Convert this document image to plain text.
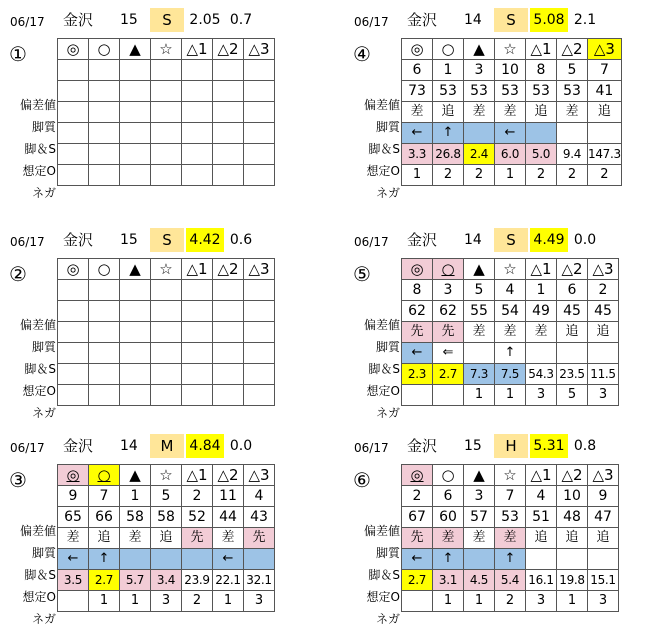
06/17 金沢 15	S	2.05 0.7
①
偏差値
脚質
脚＆S
想定O
ネガ
◎	○	▲	☆	△1	△2	△3

06/17 金沢 14	S	5.08 2.1
④
偏差値
脚質
脚＆S
想定O
ネガ
◎	○	▲	☆	△1	△2	△3
6	1	3	10	8	5	7
73	53	53	53	53	53	41
差	追	差	差	追	差	追
←	↑		←			
3.3	26.8	2.4	6.0	5.0	9.4	147.3
1	2	2	1	2	2	2
06/17 金沢 15	S	4.42 0.6
②
偏差値
脚質
脚＆S
想定O
ネガ
◎	○	▲	☆	△1	△2	△3

06/17 金沢 14	S	4.49 0.0
⑤
偏差値
脚質
脚＆S
想定O
ネガ
◎	○	▲	☆	△1	△2	△3
8	3	5	4	1	6	2
62	62	55	54	49	45	45
先	先	差	差	差	追	追
←	⇐		↑			
2.3	2.7	7.3	7.5	54.3	23.5	11.5
		1	1	3	5	3
06/17 金沢 14	M	4.84 0.0
③
偏差値
脚質
脚＆S
想定O
ネガ
◎	○	▲	☆	△1	△2	△3
9	7	1	5	2	11	4
65	66	58	58	52	44	43
差	追	差	追	先	差	先
←	↑				←	
3.5	2.7	5.7	3.4	23.9	22.1	32.1
	1	1	3	2	1	3
06/17 金沢 15	H	5.31 0.8
⑥
偏差値
脚質
脚＆S
想定O
ネガ
◎	○	▲	☆	△1	△2	△3
2	6	3	7	4	10	9
67	60	57	53	51	48	47
先	差	差	差	追	追	追
←	↑		↑			
2.7	3.1	4.5	5.4	16.1	19.8	15.1
	1	1	2	3	1	3
